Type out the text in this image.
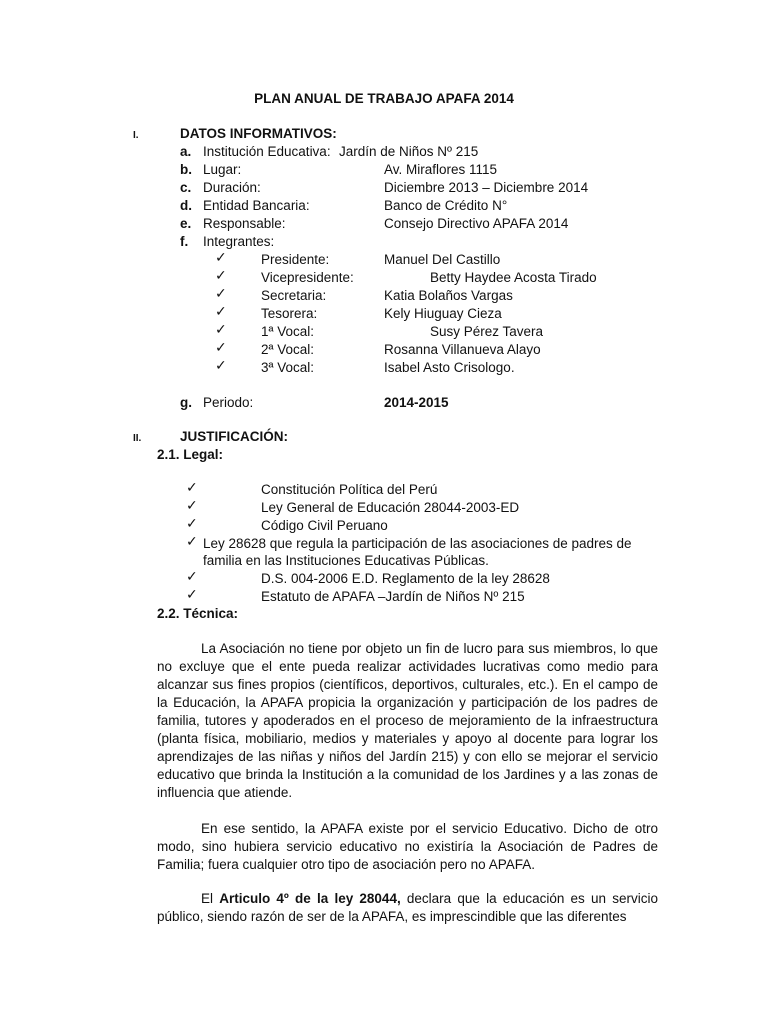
PLAN ANUAL DE TRABAJO APAFA 2014
I.	DATOS INFORMATIVOS:
a. Institución Educativa: Jardín de Niños Nº 215
b. Lugar:	Av. Miraflores 1115
c. Duración:	Diciembre 2013 – Diciembre 2014
d. Entidad Bancaria:	Banco de Crédito N°
e. Responsable:	Consejo Directivo APAFA 2014
f. Integrantes:
✓	Presidente:	Manuel Del Castillo
✓	Vicepresidente:	Betty Haydee Acosta Tirado
✓	Secretaria:	Katia Bolaños Vargas
✓	Tesorera:	Kely Hiuguay Cieza
✓	1ª Vocal:	Susy Pérez Tavera
✓	2ª Vocal:	Rosanna Villanueva Alayo
✓	3ª Vocal:	Isabel Asto Crisologo.
g. Periodo:	2014-2015
II.	JUSTIFICACIÓN:
2.1. Legal:
✓	Constitución Política del Perú
✓	Ley General de Educación 28044-2003-ED
✓	Código Civil Peruano
✓ Ley 28628 que regula la participación de las asociaciones de padres de
familia en las Instituciones Educativas Públicas.
✓	D.S. 004-2006 E.D. Reglamento de la ley 28628
✓	Estatuto de APAFA –Jardín de Niños Nº 215
2.2. Técnica:
La Asociación no tiene por objeto un fin de lucro para sus miembros, lo que no excluye que el ente pueda realizar actividades lucrativas como medio para alcanzar sus fines propios (científicos, deportivos, culturales, etc.). En el campo de la Educación, la APAFA propicia la organización y participación de los padres de familia, tutores y apoderados en el proceso de mejoramiento de la infraestructura (planta física, mobiliario, medios y materiales y apoyo al docente para lograr los aprendizajes de las niñas y niños del Jardín 215) y con ello se mejorar el servicio educativo que brinda la Institución a la comunidad de los Jardines y a las zonas de influencia que atiende.
En ese sentido, la APAFA existe por el servicio Educativo. Dicho de otro modo, sino hubiera servicio educativo no existiría la Asociación de Padres de Familia; fuera cualquier otro tipo de asociación pero no APAFA.
El Articulo 4º de la ley 28044, declara que la educación es un servicio público, siendo razón de ser de la APAFA, es imprescindible que las diferentes
